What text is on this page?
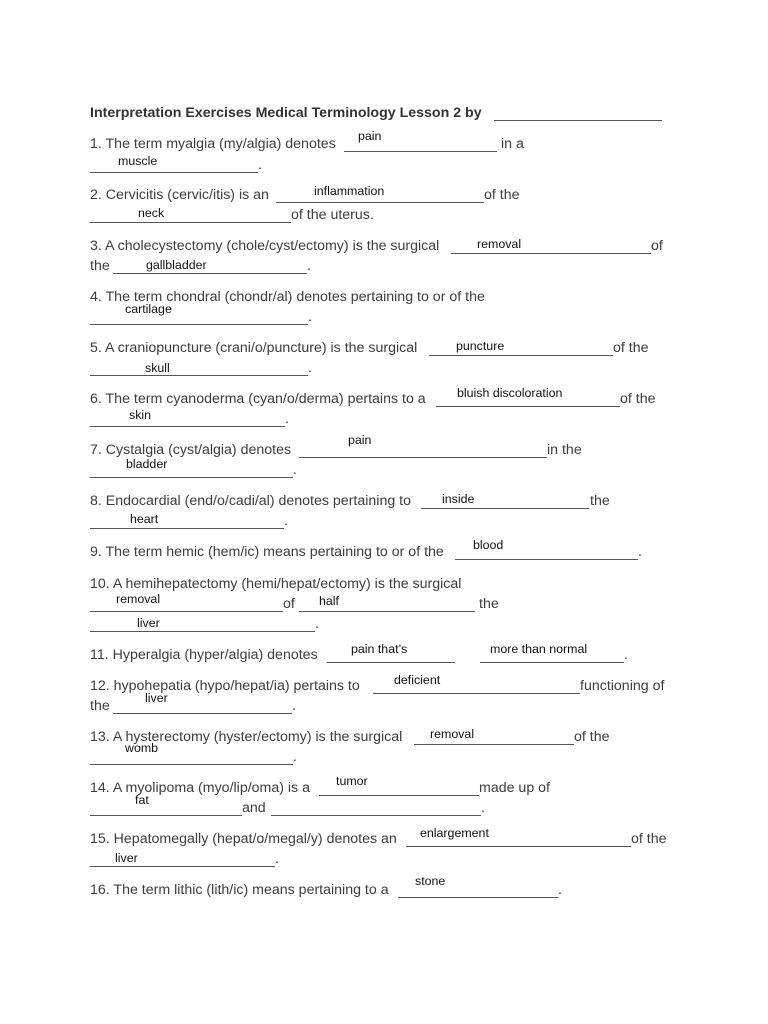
Interpretation Exercises Medical Terminology Lesson 2 by
1. The term myalgia (my/algia) denotes pain	in a
muscle	.
2. Cervicitis (cervic/itis) is an	inflammation	of the
neck	of the uterus.
3. A cholecystectomy (chole/cyst/ectomy) is the surgical	removal	of
the	gallbladder	.
4. The term chondral (chondr/al) denotes pertaining to or of the
cartilage	.
5. A craniopuncture (crani/o/puncture) is the surgical	puncture	of the
skull	.
6. The term cyanoderma (cyan/o/derma) pertains to a	bluish discoloration	of the
skin	.
7. Cystalgia (cyst/algia) denotes
pain
in the
bladder	.
8. Endocardial (end/o/cadi/al) denotes pertaining to inside	the
heart	.
9. The term hemic (hem/ic) means pertaining to or of the blood	.
10. A hemihepatectomy (hemi/hepat/ectomy) is the surgical
removal	of half	the
liver	.
11. Hyperalgia (hyper/algia) denotes	pain that’s	more than normal	.
12. hypohepatia (hypo/hepat/ia) pertains to	deficient	functioning of
the	liver	.
13. A hysterectomy (hyster/ectomy) is the surgical removal	of the
womb
.
14. A myolipoma (myo/lip/oma) is a tumor	made up of
fat	and	.
15. Hepatomegally (hepat/o/megal/y) denotes an enlargement	of the
liver	.
16. The term lithic (lith/ic) means pertaining to a
stone
.
